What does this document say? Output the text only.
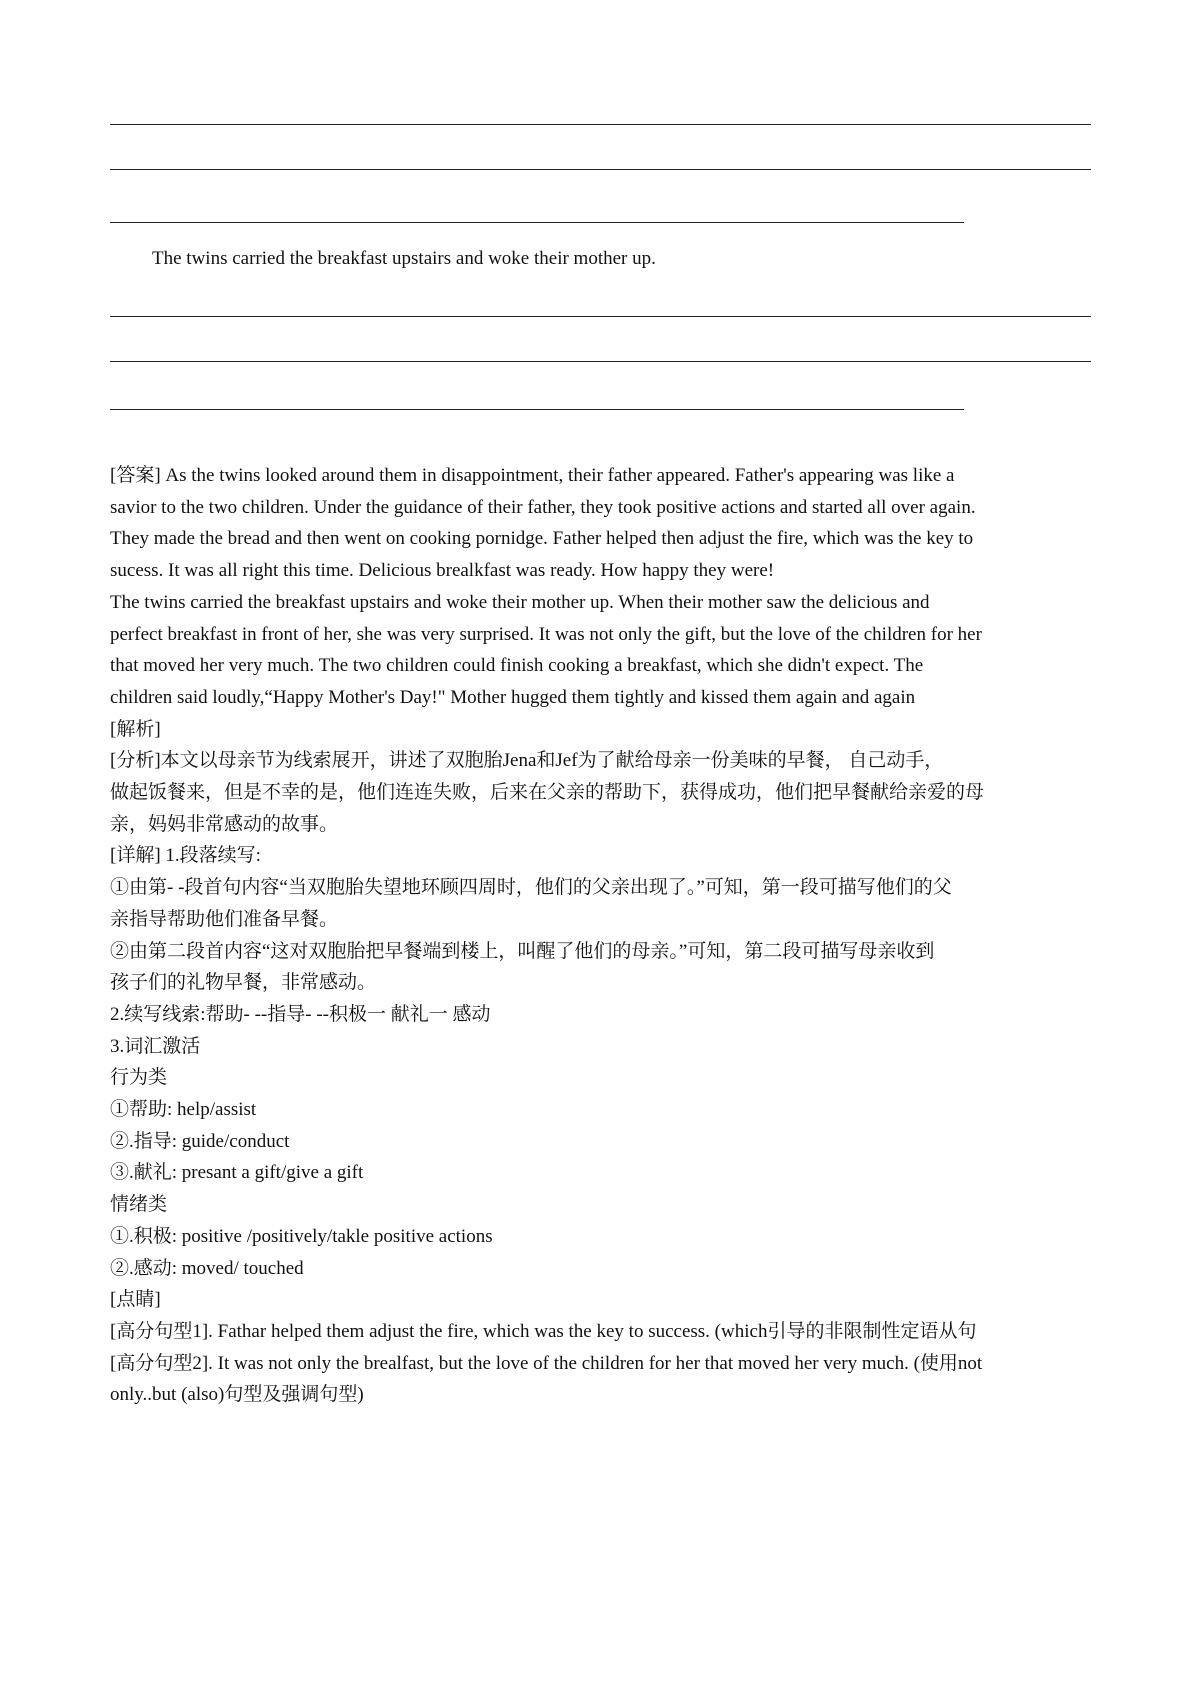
The twins carried the breakfast upstairs and woke their mother up.

[答案] As the twins looked around them in disappointment, their father appeared. Father's appearing was like a

savior to the two children. Under the guidance of their father, they took positive actions and started all over again.

They made the bread and then went on cooking pornidge. Father helped then adjust the fire, which was the key to

sucess. It was all right this time. Delicious brealkfast was ready. How happy they were!

The twins carried the breakfast upstairs and woke their mother up. When their mother saw the delicious and

perfect breakfast in front of her, she was very surprised. It was not only the gift, but the love of the children for her

that moved her very much. The two children could finish cooking a breakfast, which she didn't expect. The

children said loudly,“Happy Mother's Day!" Mother hugged them tightly and kissed them again and again

[解析]

[分析]本文以母亲节为线索展开，讲述了双胞胎Jena和Jef为了献给母亲一份美味的早餐， 自己动手，

做起饭餐来，但是不幸的是，他们连连失败，后来在父亲的帮助下，获得成功，他们把早餐献给亲爱的母

亲，妈妈非常感动的故事。

[详解] 1.段落续写:

①由第- -段首句内容“当双胞胎失望地环顾四周时，他们的父亲出现了。”可知，第一段可描写他们的父

亲指导帮助他们准备早餐。

②由第二段首内容“这对双胞胎把早餐端到楼上，叫醒了他们的母亲。”可知，第二段可描写母亲收到

孩子们的礼物早餐，非常感动。

2.续写线索:帮助- --指导- --积极一 献礼一 感动

3.词汇激活

行为类

①帮助: help/assist

②.指导: guide/conduct

③.献礼: presant a gift/give a gift

情绪类

①.积极: positive /positively/takle positive actions

②.感动: moved/ touched

[点睛]

[高分句型1]. Fathar helped them adjust the fire, which was the key to success. (which引导的非限制性定语从句

[高分句型2]. It was not only the brealfast, but the love of the children for her that moved her very much. (使用not

only..but (also)句型及强调句型)
